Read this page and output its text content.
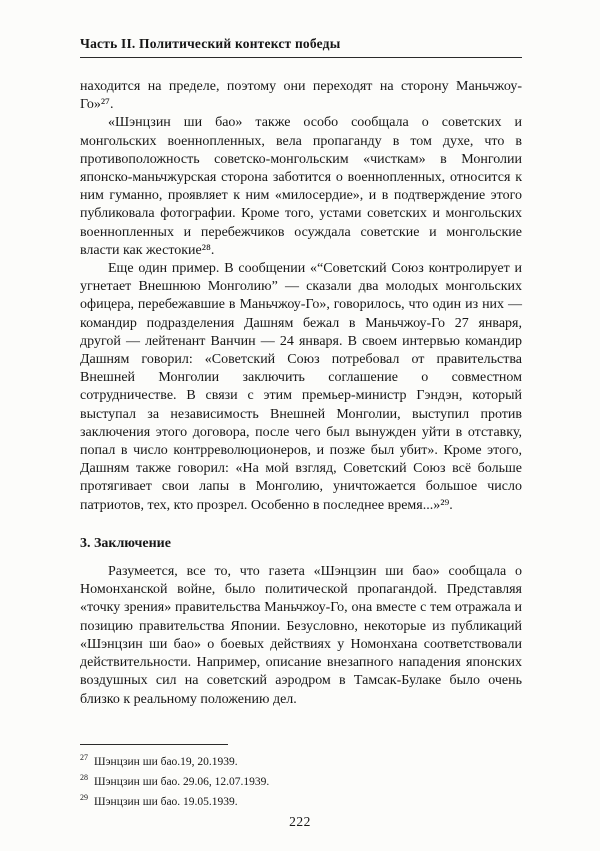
Часть II. Политический контекст победы

находится на пределе, поэтому они переходят на сторону Маньчжоу-Го»²⁷.

«Шэнцзин ши бао» также особо сообщала о советских и монгольских военнопленных, вела пропаганду в том духе, что в противоположность советско-монгольским «чисткам» в Монголии японско-маньчжурская сторона заботится о военнопленных, относится к ним гуманно, проявляет к ним «милосердие», и в подтверждение этого публиковала фотографии. Кроме того, устами советских и монгольских военнопленных и перебежчиков осуждала советские и монгольские власти как жестокие²⁸.

Еще один пример. В сообщении «“Советский Союз контролирует и угнетает Внешнюю Монголию” — сказали два молодых монгольских офицера, перебежавшие в Маньчжоу-Го», говорилось, что один из них — командир подразделения Дашням бежал в Маньчжоу-Го 27 января, другой — лейтенант Ванчин — 24 января. В своем интервью командир Дашням говорил: «Советский Союз потребовал от правительства Внешней Монголии заключить соглашение о совместном сотрудничестве. В связи с этим премьер-министр Гэндэн, который выступал за независимость Внешней Монголии, выступил против заключения этого договора, после чего был вынужден уйти в отставку, попал в число контрреволюционеров, и позже был убит». Кроме этого, Дашням также говорил: «На мой взгляд, Советский Союз всё больше протягивает свои лапы в Монголию, уничтожается большое число патриотов, тех, кто прозрел. Особенно в последнее время...»²⁹.

3. Заключение

Разумеется, все то, что газета «Шэнцзин ши бао» сообщала о Номонханской войне, было политической пропагандой. Представляя «точку зрения» правительства Маньчжоу-Го, она вместе с тем отражала и позицию правительства Японии. Безусловно, некоторые из публикаций «Шэнцзин ши бао» о боевых действиях у Номонхана соответствовали действительности. Например, описание внезапного нападения японских воздушных сил на советский аэродром в Тамсак-Булаке было очень близко к реальному положению дел.

27 Шэнцзин ши бао.19, 20.1939.
28 Шэнцзин ши бао. 29.06, 12.07.1939.
29 Шэнцзин ши бао. 19.05.1939.
222
